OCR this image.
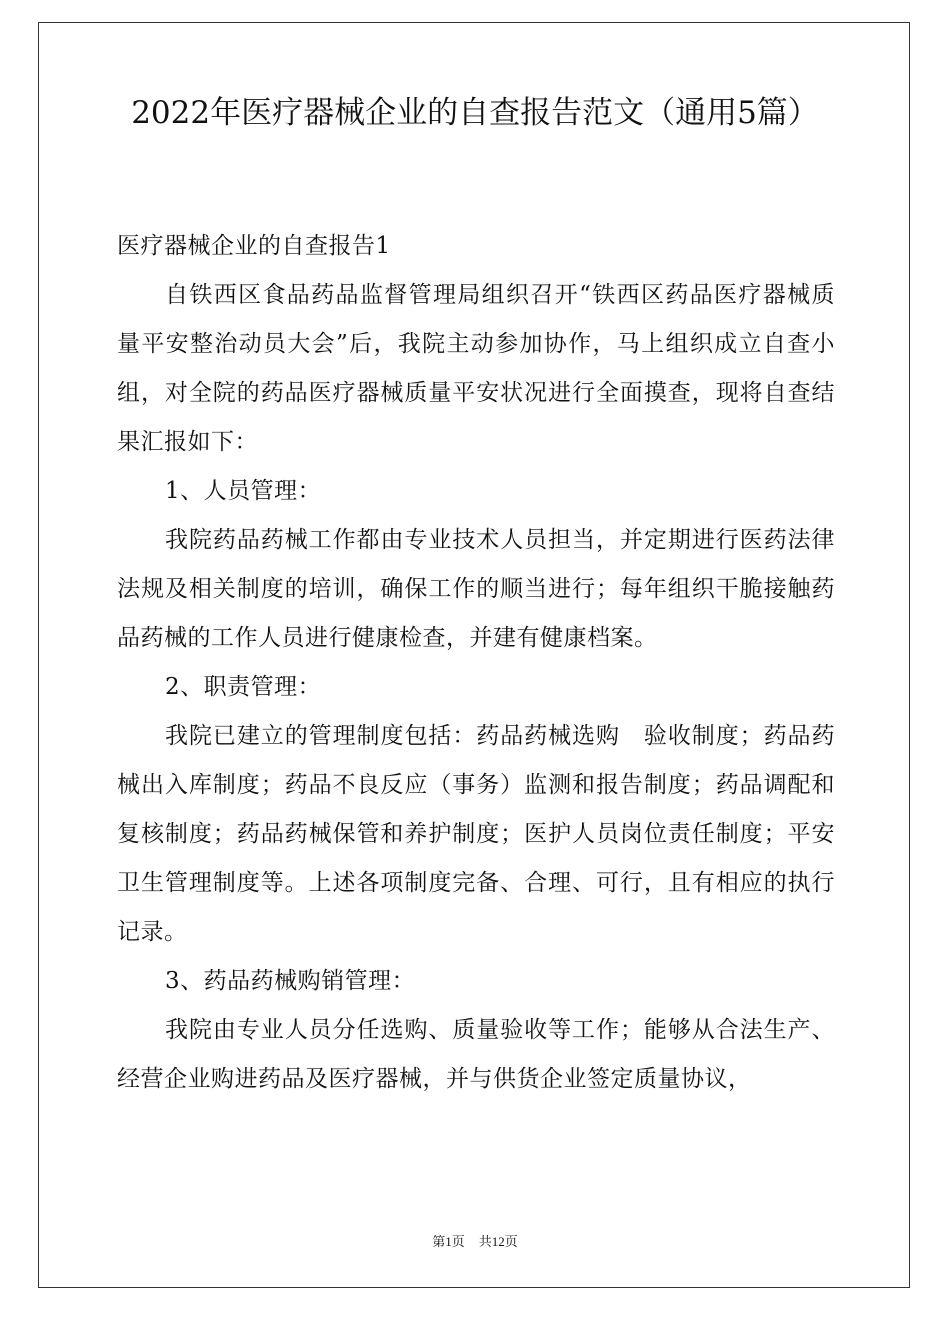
2022年医疗器械企业的自查报告范文（通用5篇）

医疗器械企业的自查报告1

自铁西区食品药品监督管理局组织召开“铁西区药品医疗器械质量平安整治动员大会”后，我院主动参加协作，马上组织成立自查小组，对全院的药品医疗器械质量平安状况进行全面摸查，现将自查结果汇报如下：

1、人员管理：

我院药品药械工作都由专业技术人员担当，并定期进行医药法律法规及相关制度的培训，确保工作的顺当进行；每年组织干脆接触药品药械的工作人员进行健康检查，并建有健康档案。

2、职责管理：

我院已建立的管理制度包括：药品药械选购　验收制度；药品药械出入库制度；药品不良反应（事务）监测和报告制度；药品调配和复核制度；药品药械保管和养护制度；医护人员岗位责任制度；平安卫生管理制度等。上述各项制度完备、合理、可行，且有相应的执行记录。

3、药品药械购销管理：

我院由专业人员分任选购、质量验收等工作；能够从合法生产、经营企业购进药品及医疗器械，并与供货企业签定质量协议，

第1页 共12页
